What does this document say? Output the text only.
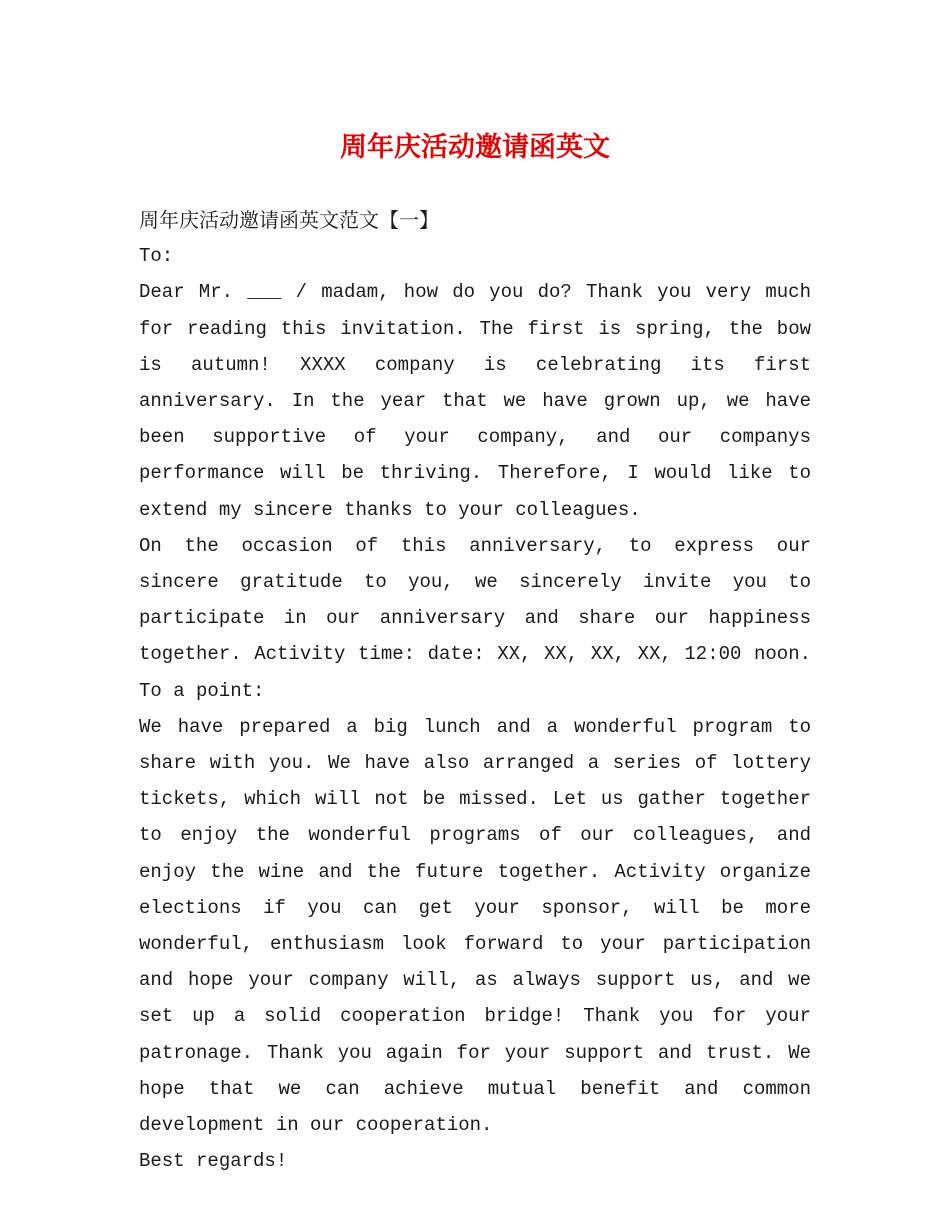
周年庆活动邀请函英文

周年庆活动邀请函英文范文【一】

To:

Dear Mr. ___ / madam, how do you do? Thank you very much for reading this invitation. The first is spring, the bow is autumn! XXXX company is celebrating its first anniversary. In the year that we have grown up, we have been supportive of your company, and our companys performance will be thriving. Therefore, I would like to extend my sincere thanks to your colleagues.

On the occasion of this anniversary, to express our sincere gratitude to you, we sincerely invite you to participate in our anniversary and share our happiness together. Activity time: date: XX, XX, XX, XX, 12:00 noon. To a point:

We have prepared a big lunch and a wonderful program to share with you. We have also arranged a series of lottery tickets, which will not be missed. Let us gather together to enjoy the wonderful programs of our colleagues, and enjoy the wine and the future together. Activity organize elections if you can get your sponsor, will be more wonderful, enthusiasm look forward to your participation and hope your company will, as always support us, and we set up a solid cooperation bridge! Thank you for your patronage. Thank you again for your support and trust. We hope that we can achieve mutual benefit and common development in our cooperation.

Best regards!
